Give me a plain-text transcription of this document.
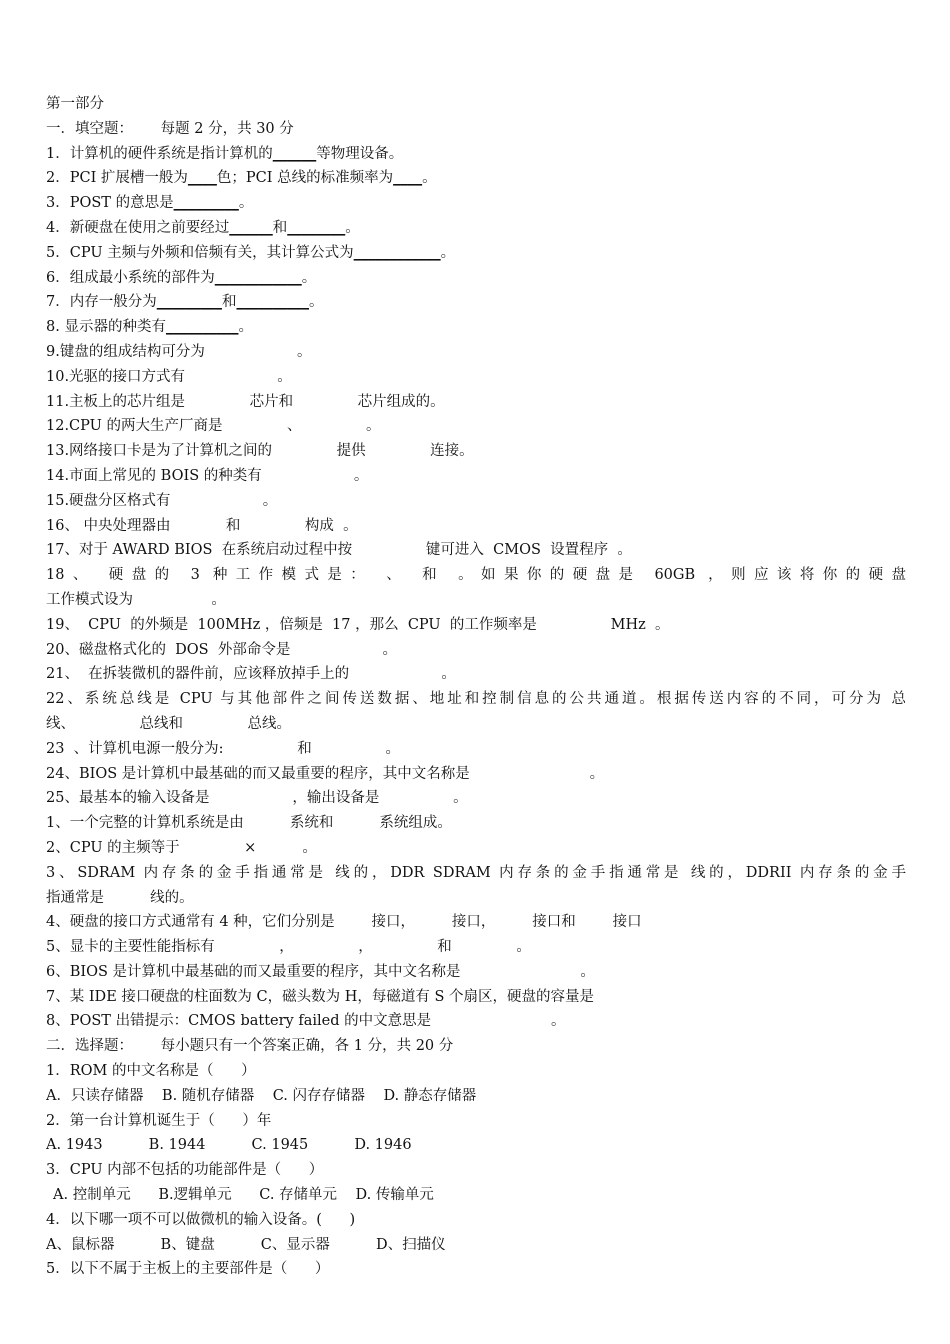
第一部分
一．填空题： 每题 2 分，共 30 分
1．计算机的硬件系统是指计算机的______等物理设备。
2．PCI 扩展槽一般为____色；PCI 总线的标准频率为____。
3．POST 的意思是_________。
4．新硬盘在使用之前要经过______和________。
5．CPU 主频与外频和倍频有关，其计算公式为____________。
6．组成最小系统的部件为____________。
7．内存一般分为_________和__________。
8. 显示器的种类有__________。
9.键盘的组成结构可分为                    。
10.光驱的接口方式有                    。
11.主板上的芯片组是              芯片和              芯片组成的。
12.CPU 的两大生产厂商是              、              。
13.网络接口卡是为了计算机之间的              提供              连接。
14.市面上常见的 BOIS 的种类有                    。
15.硬盘分区格式有                    。
16、 中央处理器由            和              构成  。
17、对于 AWARD BIOS  在系统启动过程中按                键可进入  CMOS  设置程序  。
18、 硬盘的 3 种工作模式是： 、 和 。如果你的硬盘是 60GB ，则应该将你的硬盘
工作模式设为                 。
19、  CPU  的外频是  100MHz ，倍频是  17 ，那么  CPU  的工作频率是                MHz  。
20、磁盘格式化的  DOS  外部命令是                    。
21、  在拆装微机的器件前，应该释放掉手上的                    。
22、系统总线是 CPU 与其他部件之间传送数据、地址和控制信息的公共通道。根据传送内容的不同，可分为 总
线、              总线和              总线。
23  、计算机电源一般分为:                和                。
24、BIOS 是计算机中最基础的而又最重要的程序，其中文名称是                          。
25、最基本的输入设备是                  ，输出设备是                。
1、一个完整的计算机系统是由          系统和          系统组成。
2、CPU 的主频等于              ×          。
3、SDRAM 内存条的金手指通常是 线的，DDR SDRAM 内存条的金手指通常是 线的，DDRII 内存条的金手
指通常是          线的。
4、硬盘的接口方式通常有 4 种，它们分别是        接口，        接口，        接口和        接口
5、显卡的主要性能指标有              ，              ，              和              。
6、BIOS 是计算机中最基础的而又最重要的程序，其中文名称是                          。
7、某 IDE 接口硬盘的柱面数为 C，磁头数为 H，每磁道有 S 个扇区，硬盘的容量是
8、POST 出错提示：CMOS battery failed 的中文意思是                          。
二．选择题： 每小题只有一个答案正确，各 1 分，共 20 分
1．ROM 的中文名称是（      ）
A．只读存储器    B. 随机存储器    C. 闪存存储器    D. 静态存储器
2．第一台计算机诞生于（      ）年
A. 1943          B. 1944          C. 1945          D. 1946
3．CPU 内部不包括的功能部件是（      ）
A. 控制单元      B.逻辑单元      C. 存储单元    D. 传输单元
4．以下哪一项不可以做微机的输入设备。(      )
A、鼠标器          B、键盘          C、显示器          D、扫描仪
5．以下不属于主板上的主要部件是（      ）
